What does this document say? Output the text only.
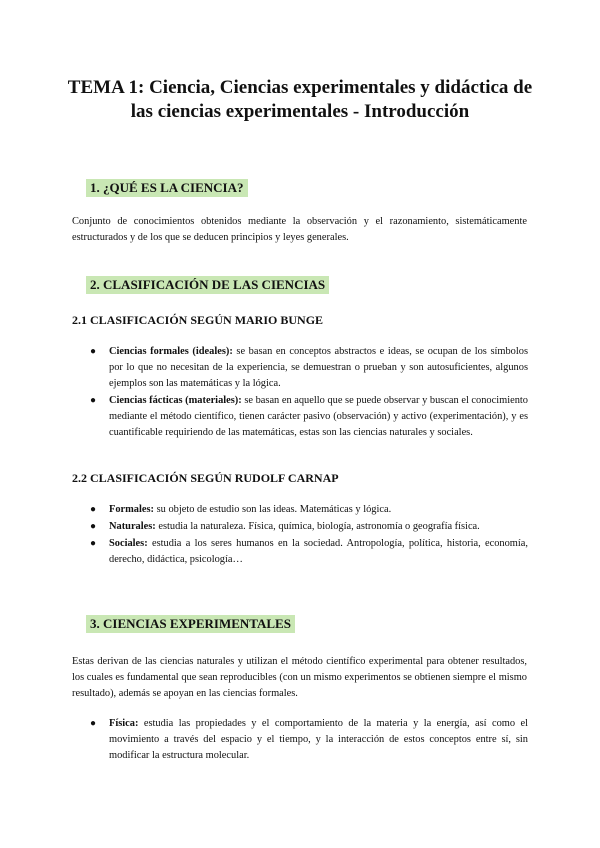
TEMA 1: Ciencia, Ciencias experimentales y didáctica de las ciencias experimentales - Introducción
1. ¿QUÉ ES LA CIENCIA?
Conjunto de conocimientos obtenidos mediante la observación y el razonamiento, sistemáticamente estructurados y de los que se deducen principios y leyes generales.
2. CLASIFICACIÓN DE LAS CIENCIAS
2.1 CLASIFICACIÓN SEGÚN MARIO BUNGE
● Ciencias formales (ideales): se basan en conceptos abstractos e ideas, se ocupan de los símbolos por lo que no necesitan de la experiencia, se demuestran o prueban y son autosuficientes, algunos ejemplos son las matemáticas y la lógica.
● Ciencias fácticas (materiales): se basan en aquello que se puede observar y buscan el conocimiento mediante el método científico, tienen carácter pasivo (observación) y activo (experimentación), y es cuantificable requiriendo de las matemáticas, estas son las ciencias naturales y sociales.
2.2 CLASIFICACIÓN SEGÚN RUDOLF CARNAP
● Formales: su objeto de estudio son las ideas. Matemáticas y lógica.
● Naturales: estudia la naturaleza. Física, química, biología, astronomía o geografía física.
● Sociales: estudia a los seres humanos en la sociedad. Antropología, política, historia, economía, derecho, didáctica, psicología…
3. CIENCIAS EXPERIMENTALES
Estas derivan de las ciencias naturales y utilizan el método científico experimental para obtener resultados, los cuales es fundamental que sean reproducibles (con un mismo experimentos se obtienen siempre el mismo resultado), además se apoyan en las ciencias formales.
● Física: estudia las propiedades y el comportamiento de la materia y la energía, así como el movimiento a través del espacio y el tiempo, y la interacción de estos conceptos entre sí, sin modificar la estructura molecular.
